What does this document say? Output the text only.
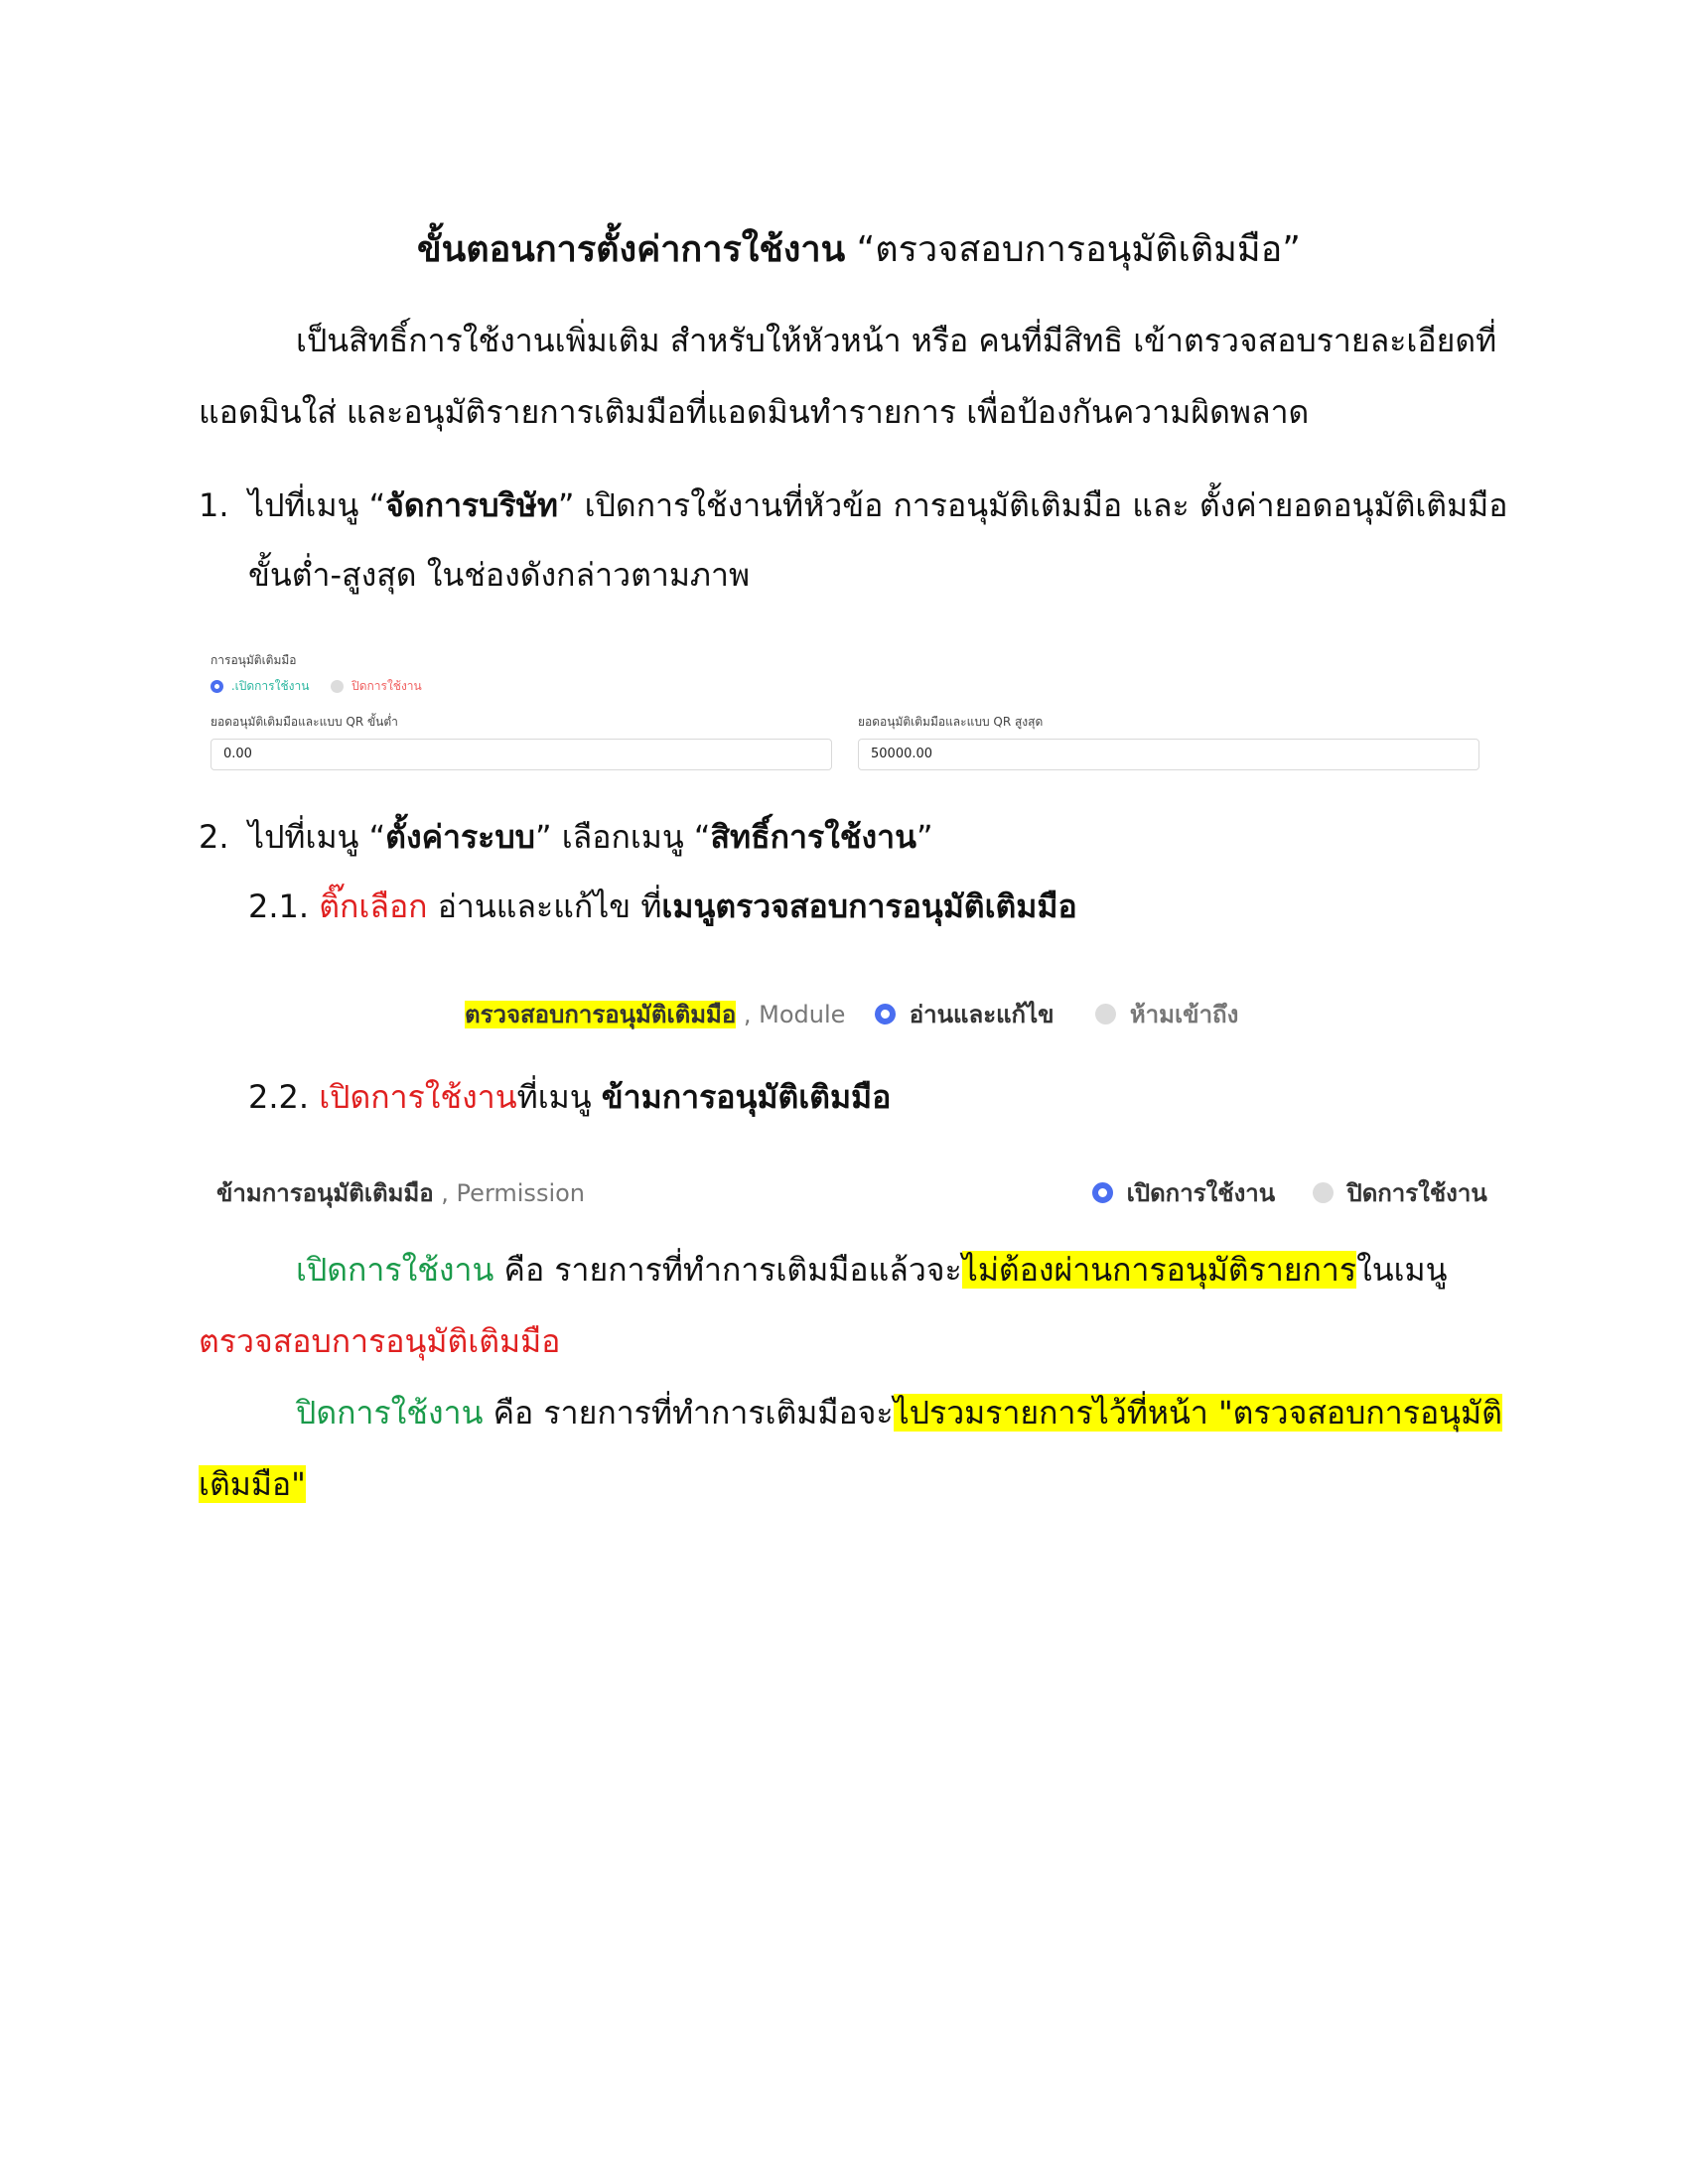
ขั้นตอนการตั้งค่าการใช้งาน “ตรวจสอบการอนุมัติเติมมือ”
เป็นสิทธิ์การใช้งานเพิ่มเติม สำหรับให้หัวหน้า หรือ คนที่มีสิทธิ เข้าตรวจสอบรายละเอียดที่
แอดมินใส่ และอนุมัติรายการเติมมือที่แอดมินทำรายการ เพื่อป้องกันความผิดพลาด
1. ไปที่เมนู “จัดการบริษัท” เปิดการใช้งานที่หัวข้อ การอนุมัติเติมมือ และ ตั้งค่ายอดอนุมัติเติมมือ
ขั้นต่ำ-สูงสุด ในช่องดังกล่าวตามภาพ
การอนุมัติเติมมือ
.เปิดการใช้งาน	ปิดการใช้งาน
ยอดอนุมัติเติมมือและแบบ QR ขั้นต่ำ
0.00
ยอดอนุมัติเติมมือและแบบ QR สูงสุด
50000.00
2. ไปที่เมนู “ตั้งค่าระบบ” เลือกเมนู “สิทธิ์การใช้งาน”
2.1. ติ๊กเลือก อ่านและแก้ไข ที่เมนูตรวจสอบการอนุมัติเติมมือ
ตรวจสอบการอนุมัติเติมมือ , Module	อ่านและแก้ไข	ห้ามเข้าถึง
2.2. เปิดการใช้งานที่เมนู ข้ามการอนุมัติเติมมือ
ข้ามการอนุมัติเติมมือ , Permission	เปิดการใช้งาน	ปิดการใช้งาน
เปิดการใช้งาน คือ รายการที่ทำการเติมมือแล้วจะไม่ต้องผ่านการอนุมัติรายการในเมนู
ตรวจสอบการอนุมัติเติมมือ
ปิดการใช้งาน คือ รายการที่ทำการเติมมือจะไปรวมรายการไว้ที่หน้า "ตรวจสอบการอนุมัติ
เติมมือ"
